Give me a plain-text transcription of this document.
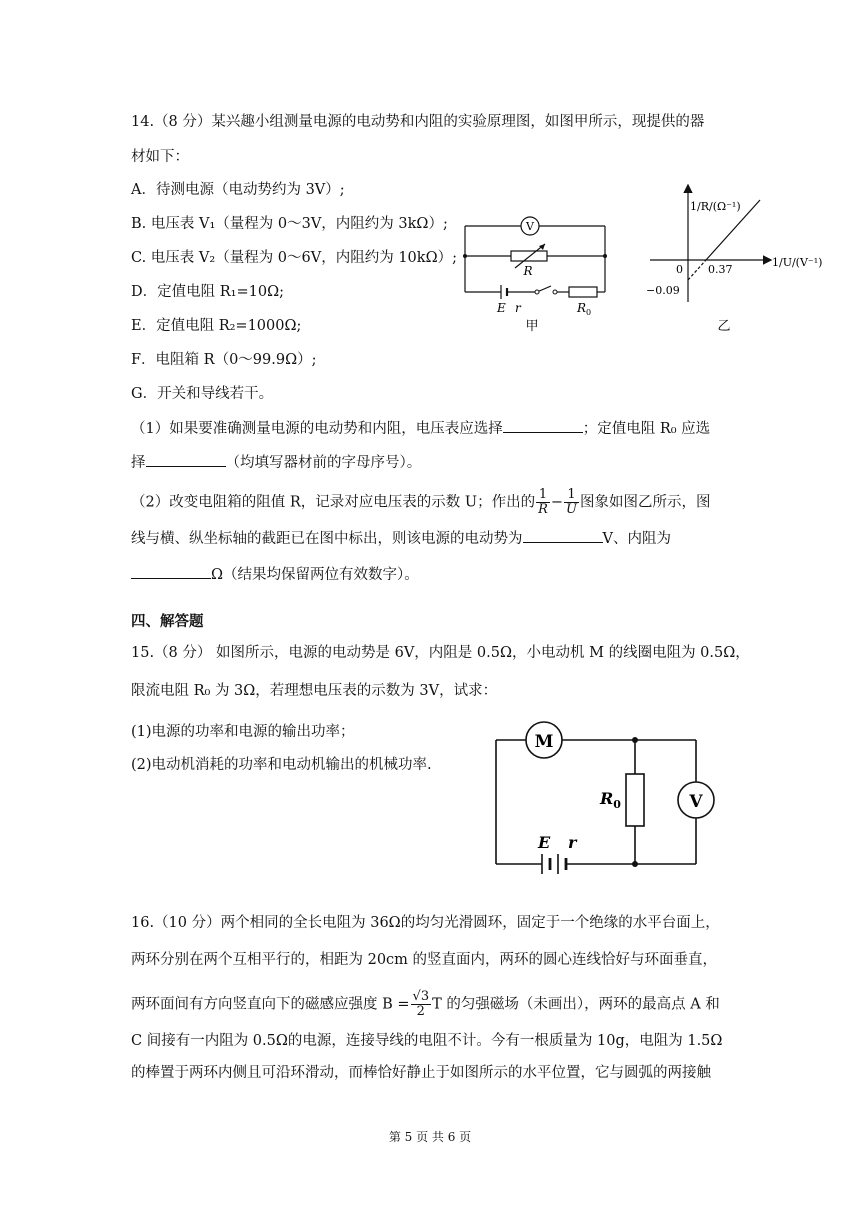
14.（8 分）某兴趣小组测量电源的电动势和内阻的实验原理图，如图甲所示，现提供的器
材如下：
A．待测电源（电动势约为 3V）;
B. 电压表 V₁（量程为 0～3V，内阻约为 3kΩ）;
C. 电压表 V₂（量程为 0～6V，内阻约为 10kΩ）;
D．定值电阻 R₁=10Ω;
E．定值电阻 R₂=1000Ω;
F．电阻箱 R（0～99.9Ω）;
G．开关和导线若干。
（1）如果要准确测量电源的电动势和内阻，电压表应选择	；定值电阻 R₀ 应选
择	（均填写器材前的字母序号）。
（2）改变电阻箱的阻值 R，记录对应电压表的示数 U；作出的 $\frac{1}{R} - \frac{1}{U}$ 图象如图乙所示，图
线与横、纵坐标轴的截距已在图中标出，则该电源的电动势为	V、内阻为
Ω（结果均保留两位有效数字）。
V
R
E r	$R_0$
甲
1/R/(Ω⁻¹)
1/U/(V⁻¹)
0 0.37
−0.09
乙
四、解答题
15.（8 分） 如图所示，电源的电动势是 6V，内阻是 0.5Ω，小电动机 M 的线圈电阻为 0.5Ω，
限流电阻 R₀ 为 3Ω，若理想电压表的示数为 3V，试求：
(1)电源的功率和电源的输出功率；
(2)电动机消耗的功率和电动机输出的机械功率.
M
V
$R_0$
E r
16.（10 分）两个相同的全长电阻为 36Ω的均匀光滑圆环，固定于一个绝缘的水平台面上，
两环分别在两个互相平行的，相距为 20cm 的竖直面内，两环的圆心连线恰好与环面垂直，
两环面间有方向竖直向下的磁感应强度 $B = \frac{√3}{2}$ T 的匀强磁场（未画出），两环的最高点 A 和
C 间接有一内阻为 0.5Ω的电源，连接导线的电阻不计。今有一根质量为 10g，电阻为 1.5Ω
的棒置于两环内侧且可沿环滑动，而棒恰好静止于如图所示的水平位置，它与圆弧的两接触
第 5 页 共 6 页
